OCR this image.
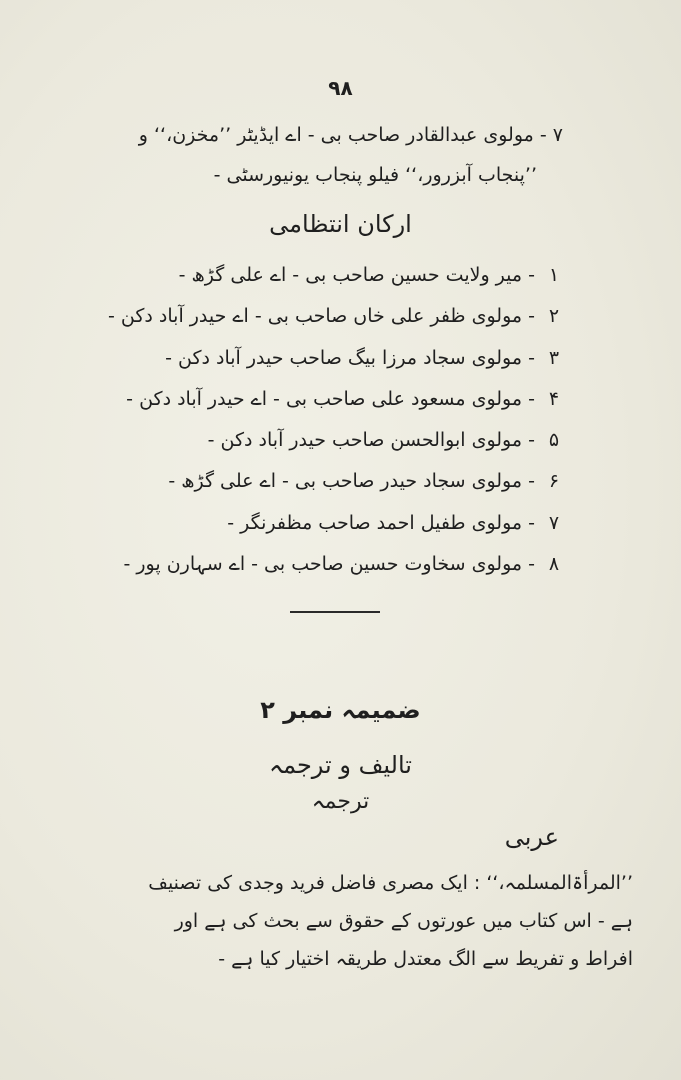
۹۸
۷ - مولوی عبدالقادر صاحب بی - اے ایڈیٹر ’’مخزن،‘‘ و
’’پنجاب آبزرور،‘‘ فیلو پنجاب یونیورسٹی -
ارکان انتظامی
۱ - میر ولایت حسین صاحب بی - اے علی گڑھ -
۲ - مولوی ظفر علی خاں صاحب بی - اے حیدر آباد دکن -
۳ - مولوی سجاد مرزا بیگ صاحب حیدر آباد دکن -
۴ - مولوی مسعود علی صاحب بی - اے حیدر آباد دکن -
۵ - مولوی ابوالحسن صاحب حیدر آباد دکن -
۶ - مولوی سجاد حیدر صاحب بی - اے علی گڑھ -
۷ - مولوی طفیل احمد صاحب مظفرنگر -
۸ - مولوی سخاوت حسین صاحب بی - اے سہارن پور -
ضمیمہ نمبر ۲
تالیف و ترجمہ
ترجمہ
عربی
’’المرأۃالمسلمہ،‘‘ : ایک مصری فاضل فرید وجدی کی تصنیف
ہے - اس کتاب میں عورتوں کے حقوق سے بحث کی ہے اور
افراط و تفریط سے الگ معتدل طریقہ اختیار کیا ہے -
